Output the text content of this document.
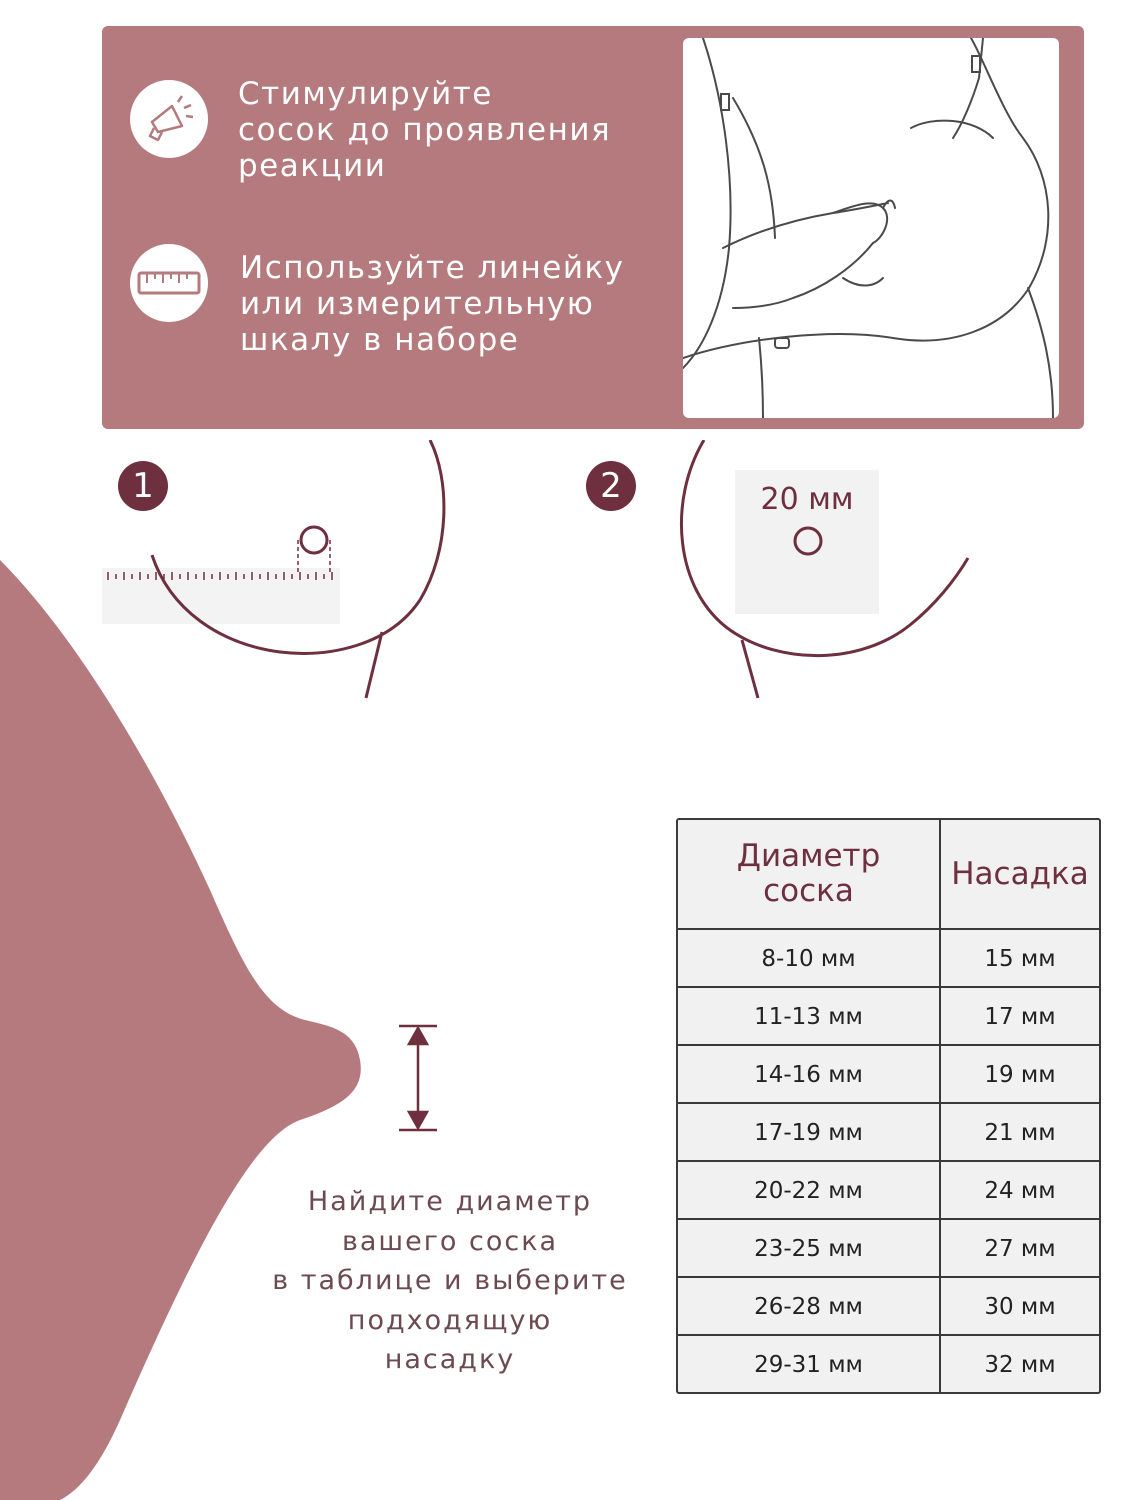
Стимулируйте
сосок до проявления
реакции
Используйте линейку
или измерительную
шкалу в наборе
1	20 мм
2
Найдите диаметр
вашего соска
в таблице и выберите
подходящую
насадку
Диаметр
соска	Насадка
8-10 мм	15 мм
11-13 мм	17 мм
14-16 мм	19 мм
17-19 мм	21 мм
20-22 мм	24 мм
23-25 мм	27 мм
26-28 мм	30 мм
29-31 мм	32 мм
